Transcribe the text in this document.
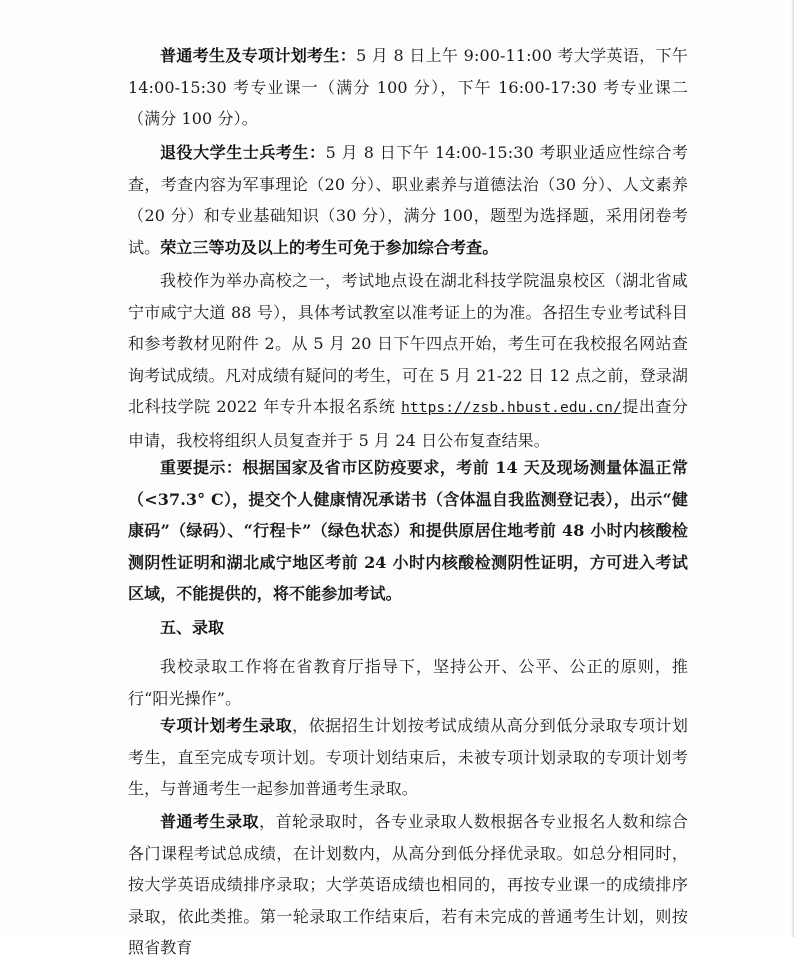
普通考生及专项计划考生：5 月 8 日上午 9:00-11:00 考大学英语，下午 14:00-15:30 考专业课一（满分 100 分），下午 16:00-17:30 考专业课二（满分 100 分）。

退役大学生士兵考生：5 月 8 日下午 14:00-15:30 考职业适应性综合考查，考查内容为军事理论（20 分）、职业素养与道德法治（30 分）、人文素养（20 分）和专业基础知识（30 分），满分 100，题型为选择题，采用闭卷考试。荣立三等功及以上的考生可免于参加综合考查。

我校作为举办高校之一，考试地点设在湖北科技学院温泉校区（湖北省咸宁市咸宁大道 88 号），具体考试教室以准考证上的为准。各招生专业考试科目和参考教材见附件 2。从 5 月 20 日下午四点开始，考生可在我校报名网站查询考试成绩。凡对成绩有疑问的考生，可在 5 月 21-22 日 12 点之前，登录湖北科技学院 2022 年专升本报名系统 https://zsb.hbust.edu.cn/提出查分申请，我校将组织人员复查并于 5 月 24 日公布复查结果。

重要提示：根据国家及省市区防疫要求，考前 14 天及现场测量体温正常（<37.3° C），提交个人健康情况承诺书（含体温自我监测登记表），出示“健康码”（绿码）、“行程卡”（绿色状态）和提供原居住地考前 48 小时内核酸检测阴性证明和湖北咸宁地区考前 24 小时内核酸检测阴性证明，方可进入考试区域，不能提供的，将不能参加考试。

五、录取

我校录取工作将在省教育厅指导下，坚持公开、公平、公正的原则，推行“阳光操作”。

专项计划考生录取，依据招生计划按考试成绩从高分到低分录取专项计划考生，直至完成专项计划。专项计划结束后，未被专项计划录取的专项计划考生，与普通考生一起参加普通考生录取。

普通考生录取，首轮录取时，各专业录取人数根据各专业报名人数和综合各门课程考试总成绩，在计划数内，从高分到低分择优录取。如总分相同时，按大学英语成绩排序录取；大学英语成绩也相同的，再按专业课一的成绩排序录取，依此类推。第一轮录取工作结束后，若有未完成的普通考生计划，则按照省教育
